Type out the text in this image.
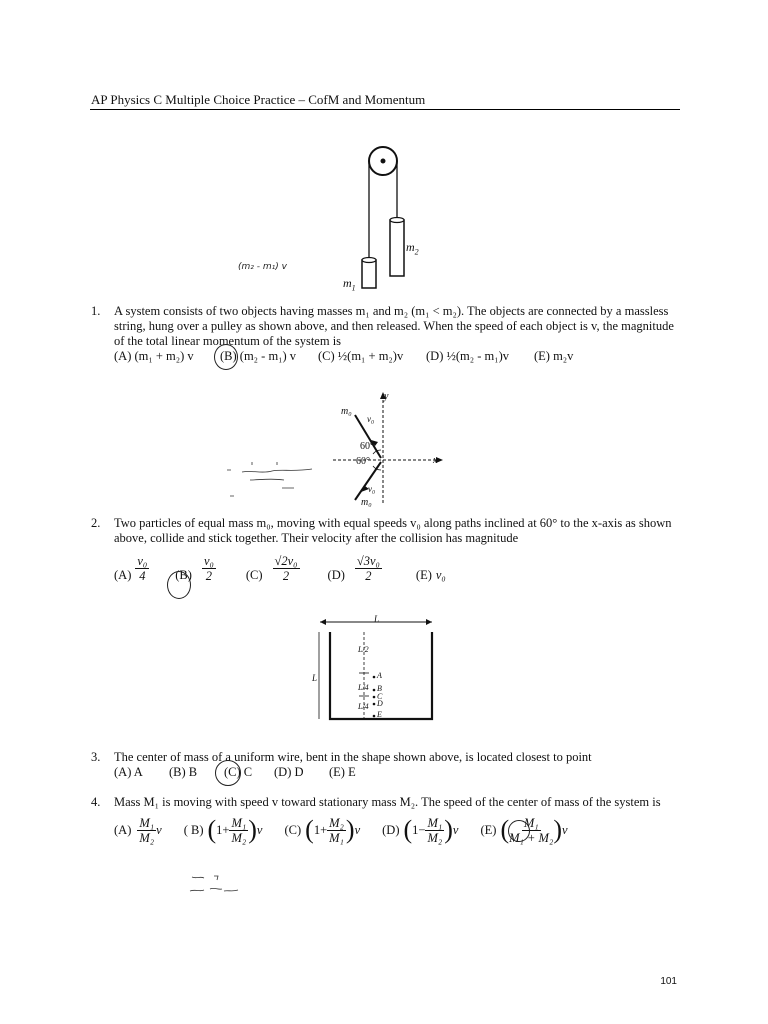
AP Physics C Multiple Choice Practice – CofM and Momentum
$m_1$
$m_2$
(m₂ - m₁) v
1. A system consists of two objects having masses m₁ and m₂ (m₁ < m₂). The objects are connected by a massless string, hung over a pulley as shown above, and then released. When the speed of each object is v, the magnitude of the total linear momentum of the system is
(A) (m₁ + m₂) v (B) (m₂ - m₁) v (C) ½(m₁ + m₂)v (D) ½(m₂ - m₁)v (E) m₂v
m₀
v₀
60°
60°
v₀
m₀
x
y
2. Two particles of equal mass m₀, moving with equal speeds v₀ along paths inclined at 60° to the x-axis as shown above, collide and stick together. Their velocity after the collision has magnitude
$(A) \frac{\text{v₀}}{4} (B) \frac{\text{v₀}}{2} (C) \frac{\text{√2v₀}}{2} (D) \frac{\text{√3v₀}}{2}$	(E) v₀
L
L
L/2
L/4
L/4
A
B
C
D
E
3. The center of mass of a uniform wire, bent in the shape shown above, is located closest to point
(A) A (B) B (C) C (D) D (E) E
4. Mass M₁ is moving with speed v toward stationary mass M₂. The speed of the center of mass of the system is
$(A) \frac{\text{M₁}}{\text{M₂}}$ v ( B) ( $1+ \frac{\text{M₁}}{\text{M₂}}$ ) v (C) ( $1+ \frac{\text{M₂}}{\text{M₁}}$ ) v (D) ( $1- \frac{\text{M₁}}{\text{M₂}}$ ) v (E) ( $\frac{\text{M₁}}{\text{M₁ + M₂}}$ ) v
101
